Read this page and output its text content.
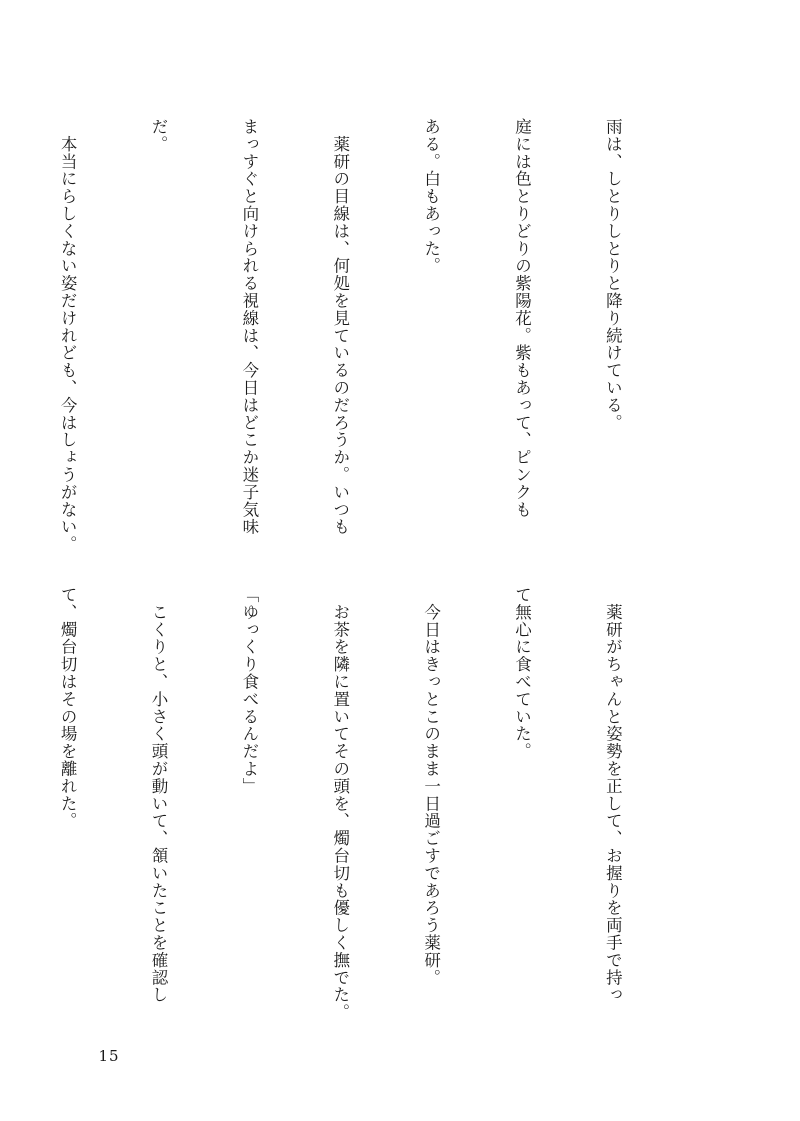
雨は、しとりしとりと降り続けている。

庭には色とりどりの紫陽花。紫もあって、ピンクも

ある。白もあった。

　薬研の目線は、何処を見ているのだろうか。いつも

まっすぐと向けられる視線は、今日はどこか迷子気味

だ。

　本当にらしくない姿だけれども、今はしょうがない。

　薬研がちゃんと姿勢を正して、お握りを両手で持っ

て無心に食べていた。

　今日はきっとこのまま一日過ごすであろう薬研。

　お茶を隣に置いてその頭を、燭台切も優しく撫でた。

「ゆっくり食べるんだよ」

　こくりと、小さく頭が動いて、頷いたことを確認し

て、燭台切はその場を離れた。

15
